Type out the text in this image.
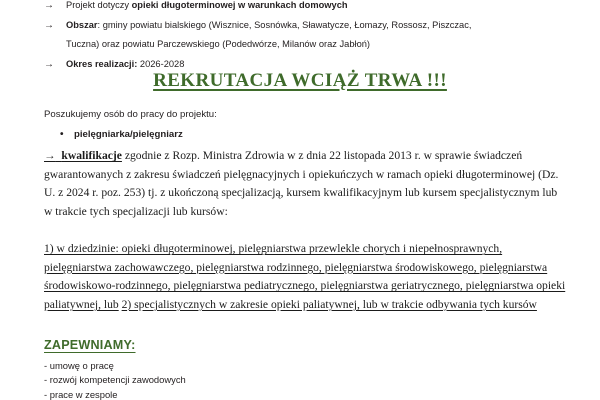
→ Projekt dotyczy opieki długoterminowej w warunkach domowych
→ Obszar: gminy powiatu bialskiego (Wisznice, Sosnówka, Sławatycze, Łomazy, Rossosz, Piszczac,
Tuczna) oraz powiatu Parczewskiego (Podedwórze, Milanów oraz Jabłoń)
→ Okres realizacji: 2026-2028
REKRUTACJA WCIĄŻ TRWA !!!
Poszukujemy osób do pracy do projektu:
• pielęgniarka/pielęgniarz
→ kwalifikacje zgodnie z Rozp. Ministra Zdrowia w z dnia 22 listopada 2013 r. w sprawie świadczeń gwarantowanych z zakresu świadczeń pielęgnacyjnych i opiekuńczych w ramach opieki długoterminowej (Dz. U. z 2024 r. poz. 253) tj. z ukończoną specjalizacją, kursem kwalifikacyjnym lub kursem specjalistycznym lub w trakcie tych specjalizacji lub kursów:
1) w dziedzinie: opieki długoterminowej, pielęgniarstwa przewlekle chorych i niepełnosprawnych, pielęgniarstwa zachowawczego, pielęgniarstwa rodzinnego, pielęgniarstwa środowiskowego, pielęgniarstwa środowiskowo-rodzinnego, pielęgniarstwa pediatrycznego, pielęgniarstwa geriatrycznego, pielęgniarstwa opieki paliatywnej, lub 2) specjalistycznych w zakresie opieki paliatywnej, lub w trakcie odbywania tych kursów
ZAPEWNIAMY:
- umowę o pracę
- rozwój kompetencji zawodowych
- prace w zespole
